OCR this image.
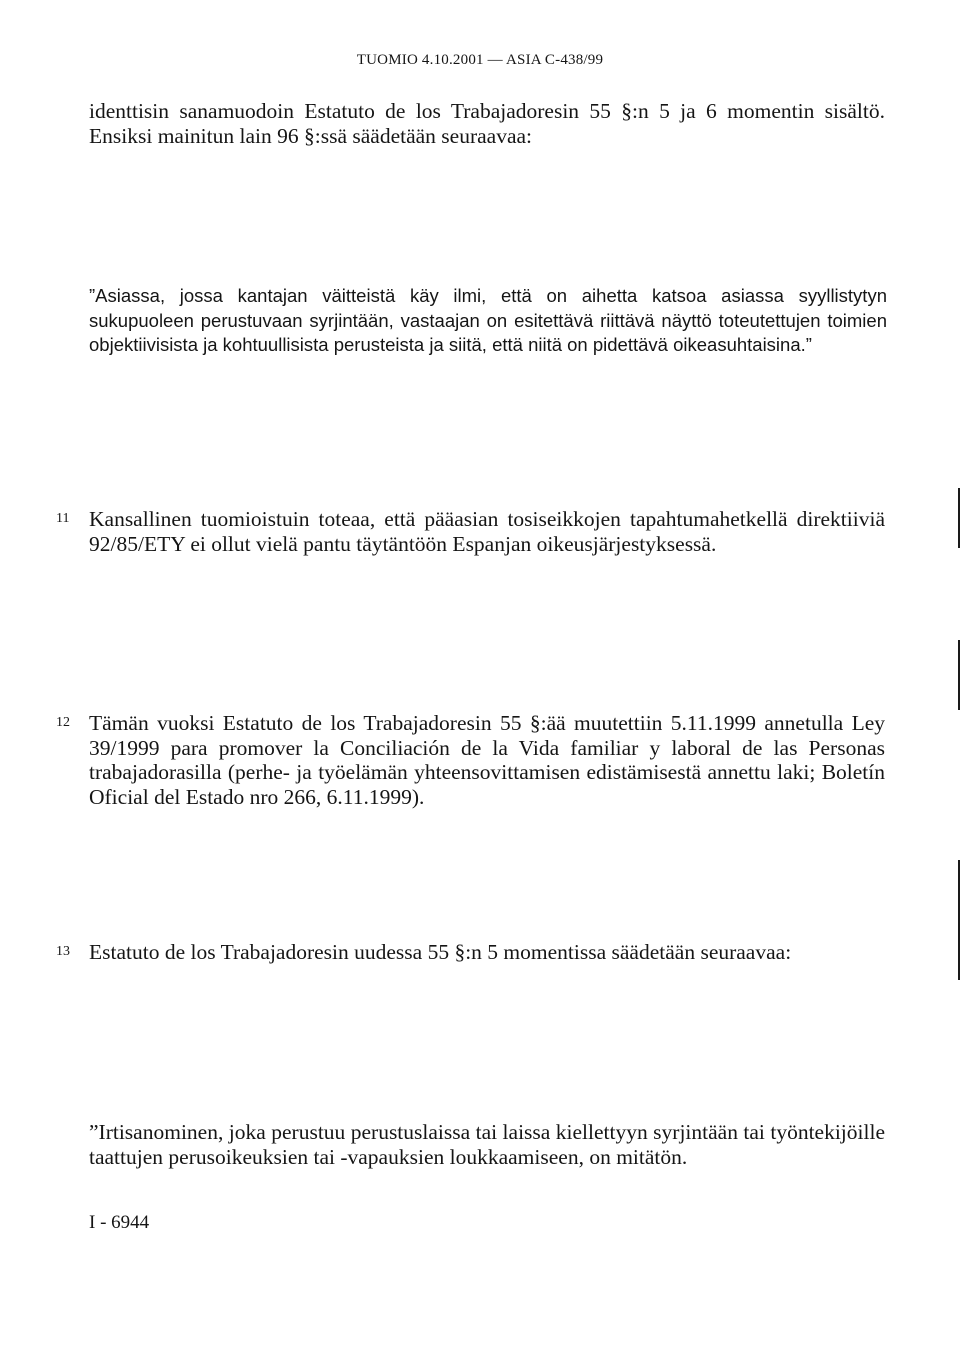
TUOMIO 4.10.2001 — ASIA C-438/99

identtisin sanamuodoin Estatuto de los Trabajadoresin 55 §:n 5 ja 6 momentin sisältö. Ensiksi mainitun lain 96 §:ssä säädetään seuraavaa:

”Asiassa, jossa kantajan väitteistä käy ilmi, että on aihetta katsoa asiassa syyllistytyn sukupuoleen perustuvaan syrjintään, vastaajan on esitettävä riittävä näyttö toteutettujen toimien objektiivisista ja kohtuullisista perusteista ja siitä, että niitä on pidettävä oikeasuhtaisina.”

11 Kansallinen tuomioistuin toteaa, että pääasian tosiseikkojen tapahtumahetkellä direktiiviä 92/85/ETY ei ollut vielä pantu täytäntöön Espanjan oikeusjärjestyksessä.

12 Tämän vuoksi Estatuto de los Trabajadoresin 55 §:ää muutettiin 5.11.1999 annetulla Ley 39/1999 para promover la Conciliación de la Vida familiar y laboral de las Personas trabajadorasilla (perhe- ja työelämän yhteensovittamisen edistämisestä annettu laki; Boletín Oficial del Estado nro 266, 6.11.1999).

13 Estatuto de los Trabajadoresin uudessa 55 §:n 5 momentissa säädetään seuraavaa:

”Irtisanominen, joka perustuu perustuslaissa tai laissa kiellettyyn syrjintään tai työntekijöille taattujen perusoikeuksien tai -vapauksien loukkaamiseen, on mitätön.

I - 6944
